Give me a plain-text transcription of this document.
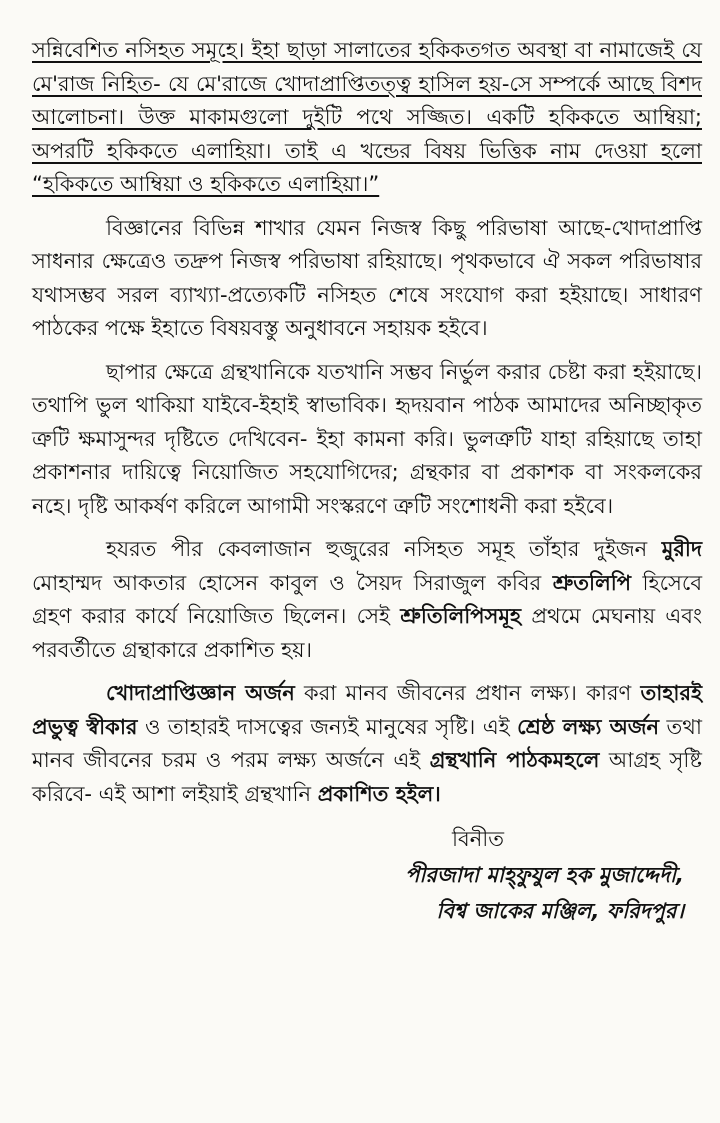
সন্নিবেশিত নসিহত সমূহে। ইহা ছাড়া সালাতের হকিকতগত অবস্থা বা নামাজেই যে মে'রাজ নিহিত- যে মে'রাজে খোদাপ্রাপ্তিতত্ত্ব হাসিল হয়-সে সম্পর্কে আছে বিশদ আলোচনা। উক্ত মাকামগুলো দুইটি পথে সজ্জিত। একটি হকিকতে আম্বিয়া; অপরটি হকিকতে এলাহিয়া। তাই এ খন্ডের বিষয় ভিত্তিক নাম দেওয়া হলো “হকিকতে আম্বিয়া ও হকিকতে এলাহিয়া।”

বিজ্ঞানের বিভিন্ন শাখার যেমন নিজস্ব কিছু পরিভাষা আছে-খোদাপ্রাপ্তি সাধনার ক্ষেত্রেও তদ্রুপ নিজস্ব পরিভাষা রহিয়াছে। পৃথকভাবে ঐ সকল পরিভাষার যথাসম্ভব সরল ব্যাখ্যা-প্রত্যেকটি নসিহত শেষে সংযোগ করা হইয়াছে। সাধারণ পাঠকের পক্ষে ইহাতে বিষয়বস্তু অনুধাবনে সহায়ক হইবে।

ছাপার ক্ষেত্রে গ্রন্থখানিকে যতখানি সম্ভব নির্ভুল করার চেষ্টা করা হইয়াছে। তথাপি ভুল থাকিয়া যাইবে-ইহাই স্বাভাবিক। হৃদয়বান পাঠক আমাদের অনিচ্ছাকৃত ত্রুটি ক্ষমাসুন্দর দৃষ্টিতে দেখিবেন- ইহা কামনা করি। ভুলত্রুটি যাহা রহিয়াছে তাহা প্রকাশনার দায়িত্বে নিয়োজিত সহযোগিদের; গ্রন্থকার বা প্রকাশক বা সংকলকের নহে। দৃষ্টি আকর্ষণ করিলে আগামী সংস্করণে ত্রুটি সংশোধনী করা হইবে।

হযরত পীর কেবলাজান হুজুরের নসিহত সমূহ তাঁহার দুইজন মুরীদ মোহাম্মদ আকতার হোসেন কাবুল ও সৈয়দ সিরাজুল কবির শ্রুতলিপি হিসেবে গ্রহণ করার কার্যে নিয়োজিত ছিলেন। সেই শ্রুতিলিপিসমূহ প্রথমে মেঘনায় এবং পরবর্তীতে গ্রন্থাকারে প্রকাশিত হয়।

খোদাপ্রাপ্তিজ্ঞান অর্জন করা মানব জীবনের প্রধান লক্ষ্য। কারণ তাহারই প্রভুত্ব স্বীকার ও তাহারই দাসত্বের জন্যই মানুষের সৃষ্টি। এই শ্রেষ্ঠ লক্ষ্য অর্জন তথা মানব জীবনের চরম ও পরম লক্ষ্য অর্জনে এই গ্রন্থখানি পাঠকমহলে আগ্রহ সৃষ্টি করিবে- এই আশা লইয়াই গ্রন্থখানি প্রকাশিত হইল।

বিনীত
পীরজাদা মাহ্‌ফুযুল হক মুজাদ্দেদী,
বিশ্ব জাকের মঞ্জিল, ফরিদপুর।
